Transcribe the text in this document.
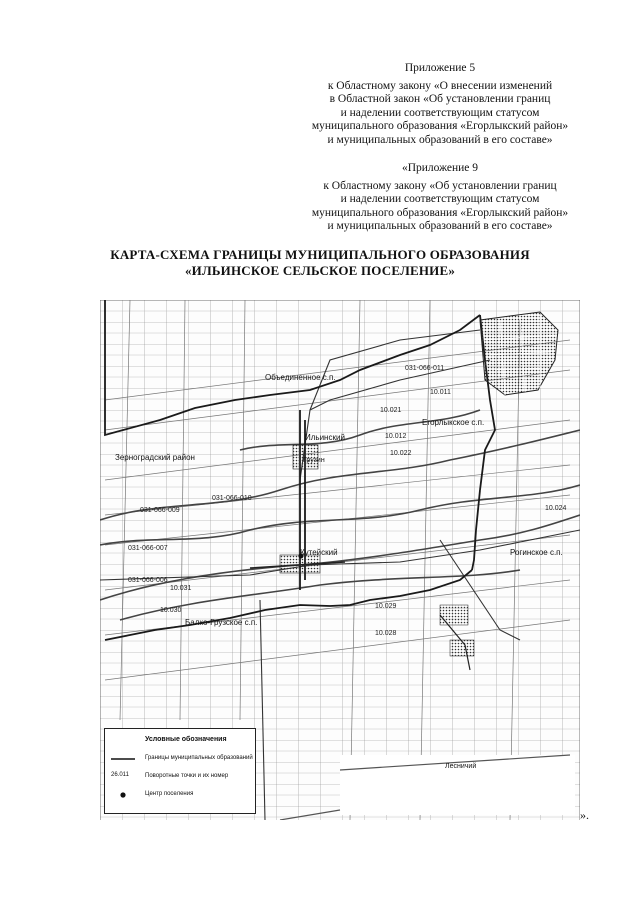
Приложение 5
к Областному закону «О внесении изменений
в Областной закон «Об установлении границ
и наделении соответствующим статусом
муниципального образования «Егорлыкский район»
и муниципальных образований в его составе»
«Приложение 9
к Областному закону «Об установлении границ
и наделении соответствующим статусом
муниципального образования «Егорлыкский район»
и муниципальных образований в его составе»
КАРТА-СХЕМА ГРАНИЦЫ МУНИЦИПАЛЬНОГО ОБРАЗОВАНИЯ
«ИЛЬИНСКОЕ СЕЛЬСКОЕ ПОСЕЛЕНИЕ»
Объединенное с.п.
Ильинский
Грузин
Зерноградский район
Егорлыкское с.п.
Кутейский	Рогинское с.п.
Балко-Грузское с.п.
Лесничий
031-066-011
10.011
10.021
10.012
10.022
031-066-010
031-066-009
031-066-007
10.024
031-066-006
10.031
10.030
10.029
10.028
Условные обозначения
Границы муниципальных образований
26.011	Поворотные точки и их номер
Центр поселения
».
